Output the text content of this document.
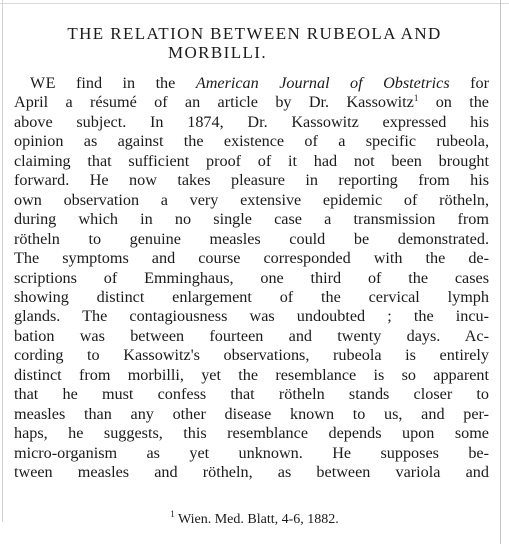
THE RELATION BETWEEN RUBEOLA AND
MORBILLI.
WE find in the American Journal of Obstetrics for
April a résumé of an article by Dr. Kassowitz$^1$ on the
above subject. In 1874, Dr. Kassowitz expressed his
opinion as against the existence of a specific rubeola,
claiming that sufficient proof of it had not been brought
forward. He now takes pleasure in reporting from his
own observation a very extensive epidemic of rötheln,
during which in no single case a transmission from
rötheln to genuine measles could be demonstrated.
The symptoms and course corresponded with the de-
scriptions of Emminghaus, one third of the cases
showing distinct enlargement of the cervical lymph
glands. The contagiousness was undoubted ; the incu-
bation was between fourteen and twenty days. Ac-
cording to Kassowitz's observations, rubeola is entirely
distinct from morbilli, yet the resemblance is so apparent
that he must confess that rötheln stands closer to
measles than any other disease known to us, and per-
haps, he suggests, this resemblance depends upon some
micro-organism as yet unknown. He supposes be-
tween measles and rötheln, as between variola and
$^1$ Wien. Med. Blatt, 4-6, 1882.
